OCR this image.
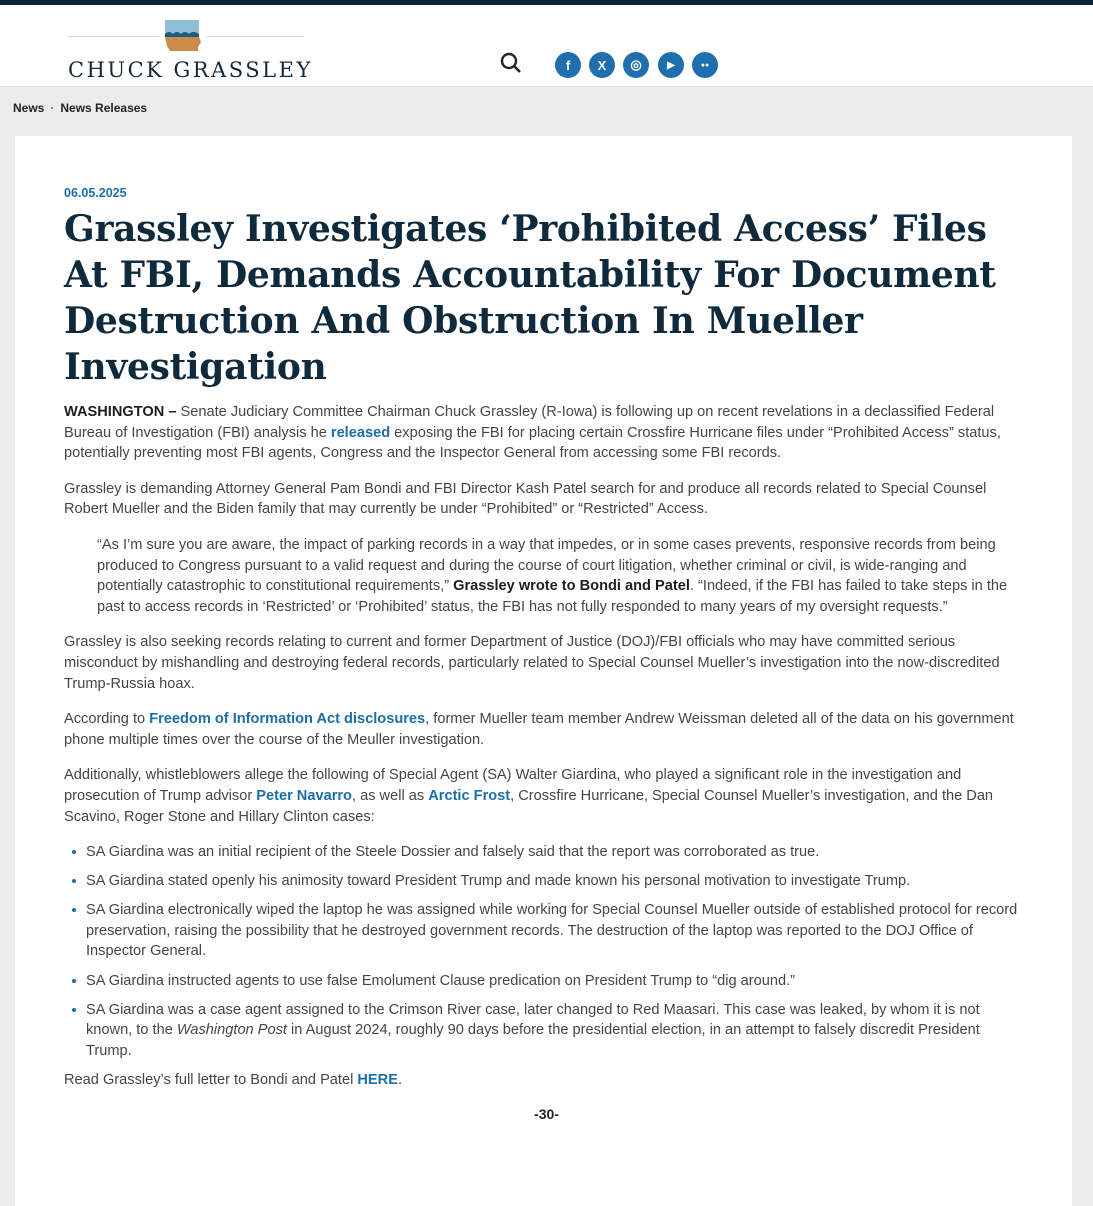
CHUCK GRASSLEY	f X ◎	▶	●●
News · News Releases
06.05.2025
Grassley Investigates ‘Prohibited Access’ Files At FBI, Demands Accountability For Document Destruction And Obstruction In Mueller Investigation

WASHINGTON – Senate Judiciary Committee Chairman Chuck Grassley (R-Iowa) is following up on recent revelations in a declassified Federal Bureau of Investigation (FBI) analysis he released exposing the FBI for placing certain Crossfire Hurricane files under “Prohibited Access” status, potentially preventing most FBI agents, Congress and the Inspector General from accessing some FBI records.

Grassley is demanding Attorney General Pam Bondi and FBI Director Kash Patel search for and produce all records related to Special Counsel Robert Mueller and the Biden family that may currently be under “Prohibited” or “Restricted” Access.

“As I’m sure you are aware, the impact of parking records in a way that impedes, or in some cases prevents, responsive records from being produced to Congress pursuant to a valid request and during the course of court litigation, whether criminal or civil, is wide-ranging and potentially catastrophic to constitutional requirements,” Grassley wrote to Bondi and Patel. “Indeed, if the FBI has failed to take steps in the past to access records in ‘Restricted’ or ‘Prohibited’ status, the FBI has not fully responded to many years of my oversight requests.”

Grassley is also seeking records relating to current and former Department of Justice (DOJ)/FBI officials who may have committed serious misconduct by mishandling and destroying federal records, particularly related to Special Counsel Mueller’s investigation into the now-discredited Trump-Russia hoax.

According to Freedom of Information Act disclosures, former Mueller team member Andrew Weissman deleted all of the data on his government phone multiple times over the course of the Meuller investigation.

Additionally, whistleblowers allege the following of Special Agent (SA) Walter Giardina, who played a significant role in the investigation and prosecution of Trump advisor Peter Navarro, as well as Arctic Frost, Crossfire Hurricane, Special Counsel Mueller’s investigation, and the Dan Scavino, Roger Stone and Hillary Clinton cases:

SA Giardina was an initial recipient of the Steele Dossier and falsely said that the report was corroborated as true.
SA Giardina stated openly his animosity toward President Trump and made known his personal motivation to investigate Trump.
SA Giardina electronically wiped the laptop he was assigned while working for Special Counsel Mueller outside of established protocol for record preservation, raising the possibility that he destroyed government records. The destruction of the laptop was reported to the DOJ Office of Inspector General.
SA Giardina instructed agents to use false Emolument Clause predication on President Trump to “dig around.”
SA Giardina was a case agent assigned to the Crimson River case, later changed to Red Maasari. This case was leaked, by whom it is not known, to the Washington Post in August 2024, roughly 90 days before the presidential election, in an attempt to falsely discredit President Trump.

Read Grassley’s full letter to Bondi and Patel HERE.

-30-
